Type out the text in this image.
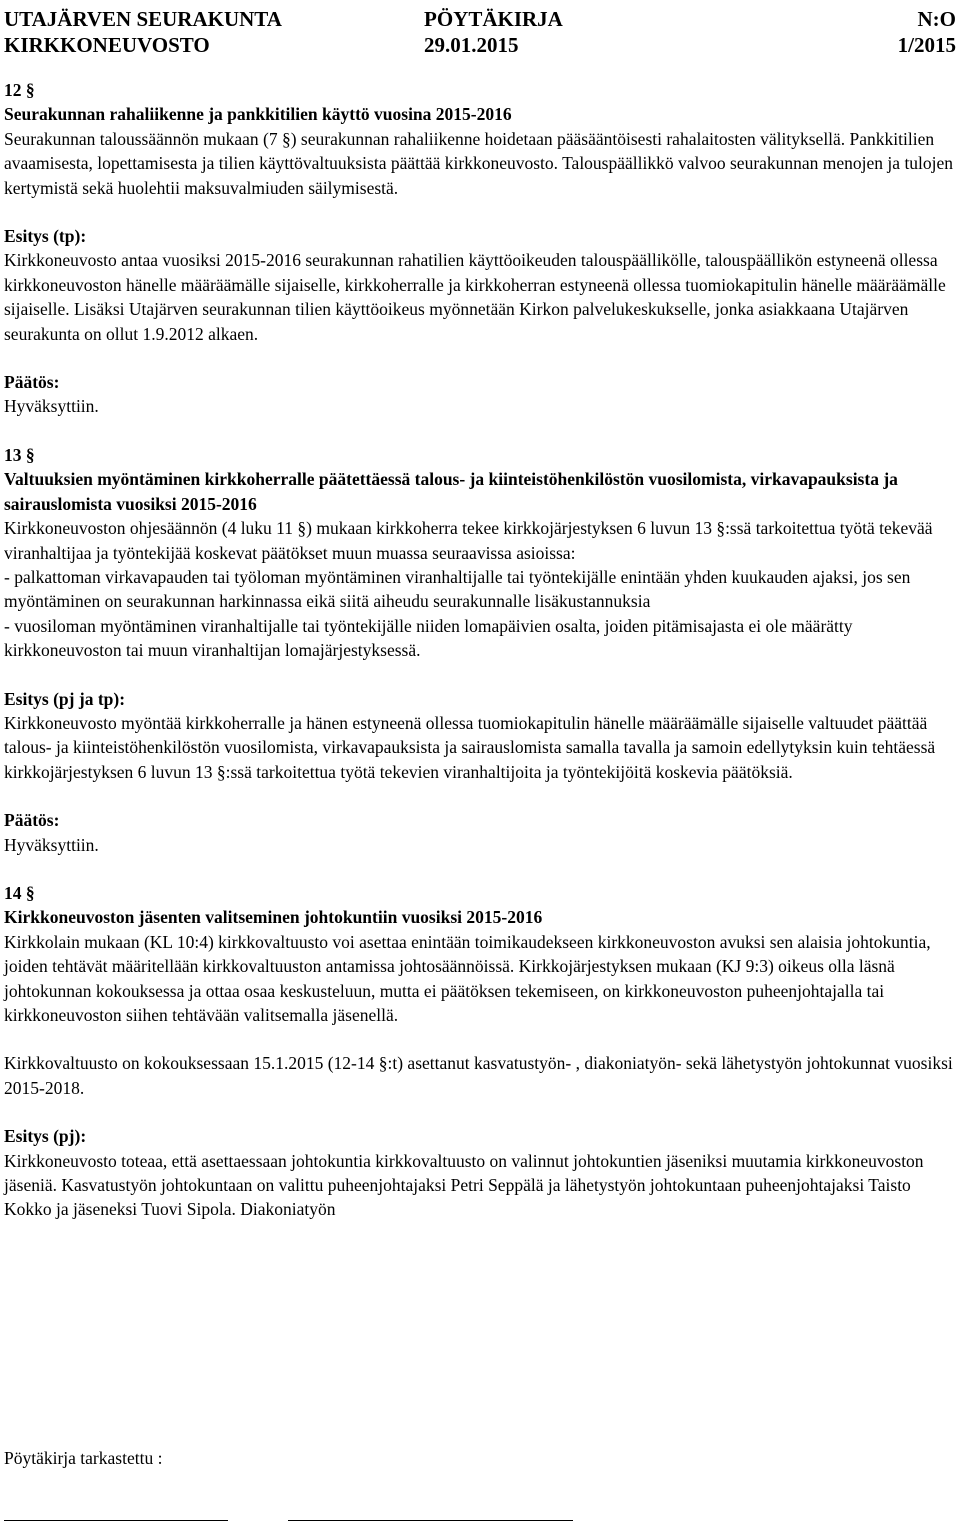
UTAJÄRVEN SEURAKUNTA	PÖYTÄKIRJA	N:O
KIRKKONEUVOSTO	29.01.2015	1/2015

12 §

Seurakunnan rahaliikenne ja pankkitilien käyttö vuosina 2015-2016

Seurakunnan taloussäännön mukaan (7 §) seurakunnan rahaliikenne hoidetaan pääsääntöisesti rahalaitosten välityksellä. Pankkitilien avaamisesta, lopettamisesta ja tilien käyttövaltuuksista päättää kirkkoneuvosto. Talouspäällikkö valvoo seurakunnan menojen ja tulojen kertymistä sekä huolehtii maksuvalmiuden säilymisestä.

Esitys (tp):

Kirkkoneuvosto antaa vuosiksi 2015-2016 seurakunnan rahatilien käyttöoikeuden talouspäällikölle, talouspäällikön estyneenä ollessa kirkkoneuvoston hänelle määräämälle sijaiselle, kirkkoherralle ja kirkkoherran estyneenä ollessa tuomiokapitulin hänelle määräämälle sijaiselle. Lisäksi Utajärven seurakunnan tilien käyttöoikeus myönnetään Kirkon palvelukeskukselle, jonka asiakkaana Utajärven seurakunta on ollut 1.9.2012 alkaen.

Päätös:

Hyväksyttiin.

13 §

Valtuuksien myöntäminen kirkkoherralle päätettäessä talous- ja kiinteistöhenkilöstön vuosilomista, virkavapauksista ja sairauslomista vuosiksi 2015-2016

Kirkkoneuvoston ohjesäännön (4 luku 11 §) mukaan kirkkoherra tekee kirkkojärjestyksen 6 luvun 13 §:ssä tarkoitettua työtä tekevää viranhaltijaa ja työntekijää koskevat päätökset muun muassa seuraavissa asioissa:

- palkattoman virkavapauden tai työloman myöntäminen viranhaltijalle tai työntekijälle enintään yhden kuukauden ajaksi, jos sen myöntäminen on seurakunnan harkinnassa eikä siitä aiheudu seurakunnalle lisäkustannuksia

- vuosiloman myöntäminen viranhaltijalle tai työntekijälle niiden lomapäivien osalta, joiden pitämisajasta ei ole määrätty kirkkoneuvoston tai muun viranhaltijan lomajärjestyksessä.

Esitys (pj ja tp):

Kirkkoneuvosto myöntää kirkkoherralle ja hänen estyneenä ollessa tuomiokapitulin hänelle määräämälle sijaiselle valtuudet päättää talous- ja kiinteistöhenkilöstön vuosilomista, virkavapauksista ja sairauslomista samalla tavalla ja samoin edellytyksin kuin tehtäessä kirkkojärjestyksen 6 luvun 13 §:ssä tarkoitettua työtä tekevien viranhaltijoita ja työntekijöitä koskevia päätöksiä.

Päätös:

Hyväksyttiin.

14 §

Kirkkoneuvoston jäsenten valitseminen johtokuntiin vuosiksi 2015-2016

Kirkkolain mukaan (KL 10:4) kirkkovaltuusto voi asettaa enintään toimikaudekseen kirkkoneuvoston avuksi sen alaisia johtokuntia, joiden tehtävät määritellään kirkkovaltuuston antamissa johtosäännöissä. Kirkkojärjestyksen mukaan (KJ 9:3) oikeus olla läsnä johtokunnan kokouksessa ja ottaa osaa keskusteluun, mutta ei päätöksen tekemiseen, on kirkkoneuvoston puheenjohtajalla tai kirkkoneuvoston siihen tehtävään valitsemalla jäsenellä.

Kirkkovaltuusto on kokouksessaan 15.1.2015 (12-14 §:t) asettanut kasvatustyön- , diakoniatyön- sekä lähetystyön johtokunnat vuosiksi 2015-2018.

Esitys (pj):

Kirkkoneuvosto toteaa, että asettaessaan johtokuntia kirkkovaltuusto on valinnut johtokuntien jäseniksi muutamia kirkkoneuvoston jäseniä. Kasvatustyön johtokuntaan on valittu puheenjohtajaksi Petri Seppälä ja lähetystyön johtokuntaan puheenjohtajaksi Taisto Kokko ja jäseneksi Tuovi Sipola. Diakoniatyön

Pöytäkirja tarkastettu :
